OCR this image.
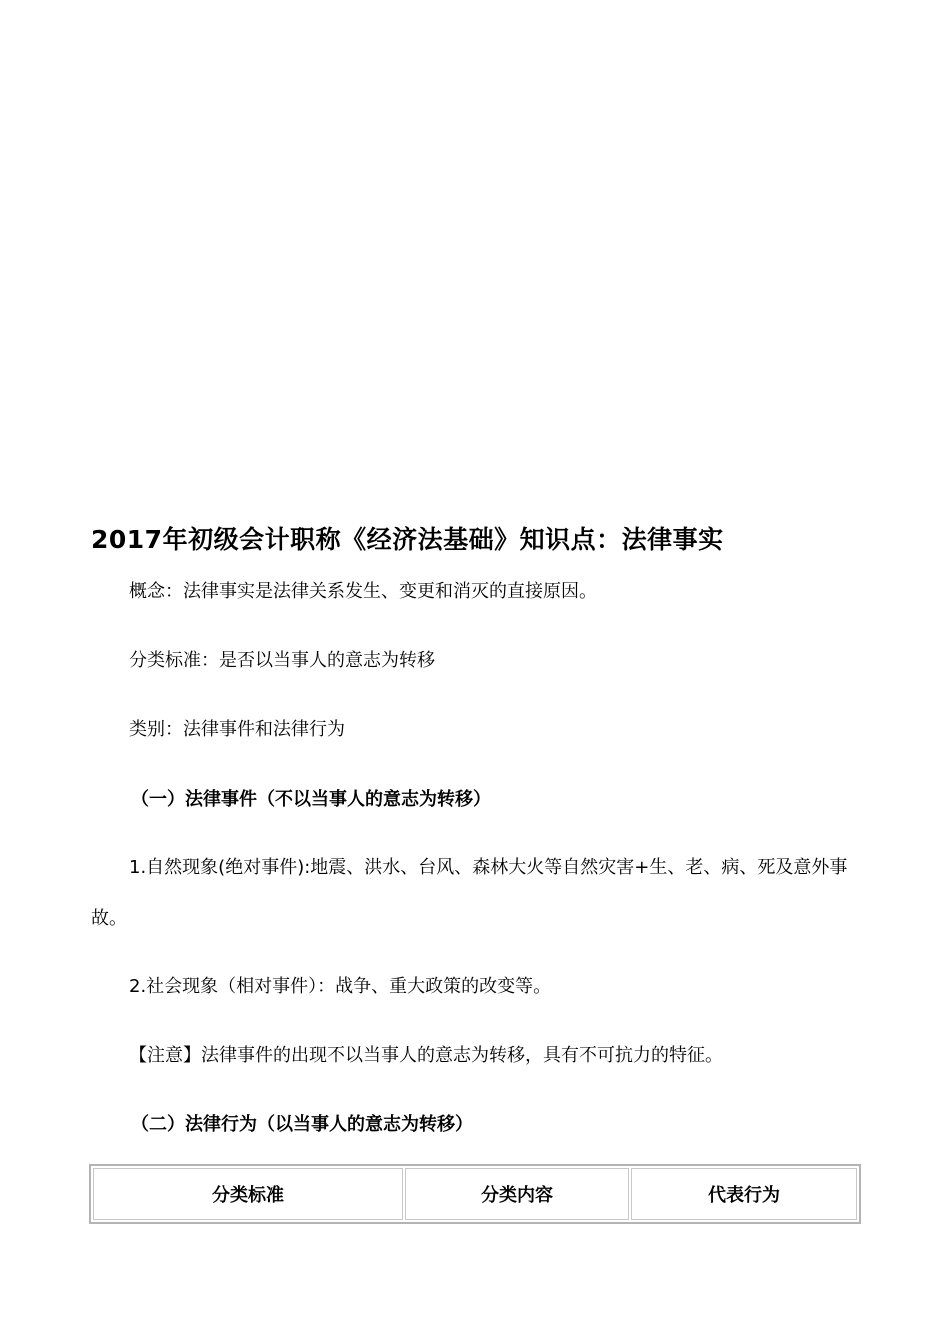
2017年初级会计职称《经济法基础》知识点：法律事实
概念：法律事实是法律关系发生、变更和消灭的直接原因。
分类标准：是否以当事人的意志为转移
类别：法律事件和法律行为
（一）法律事件（不以当事人的意志为转移）
1.自然现象(绝对事件):地震、洪水、台风、森林大火等自然灾害+生、老、病、死及意外事
故。
2.社会现象（相对事件）：战争、重大政策的改变等。
【注意】法律事件的出现不以当事人的意志为转移，具有不可抗力的特征。
（二）法律行为（以当事人的意志为转移）
分类标准	分类内容	代表行为
